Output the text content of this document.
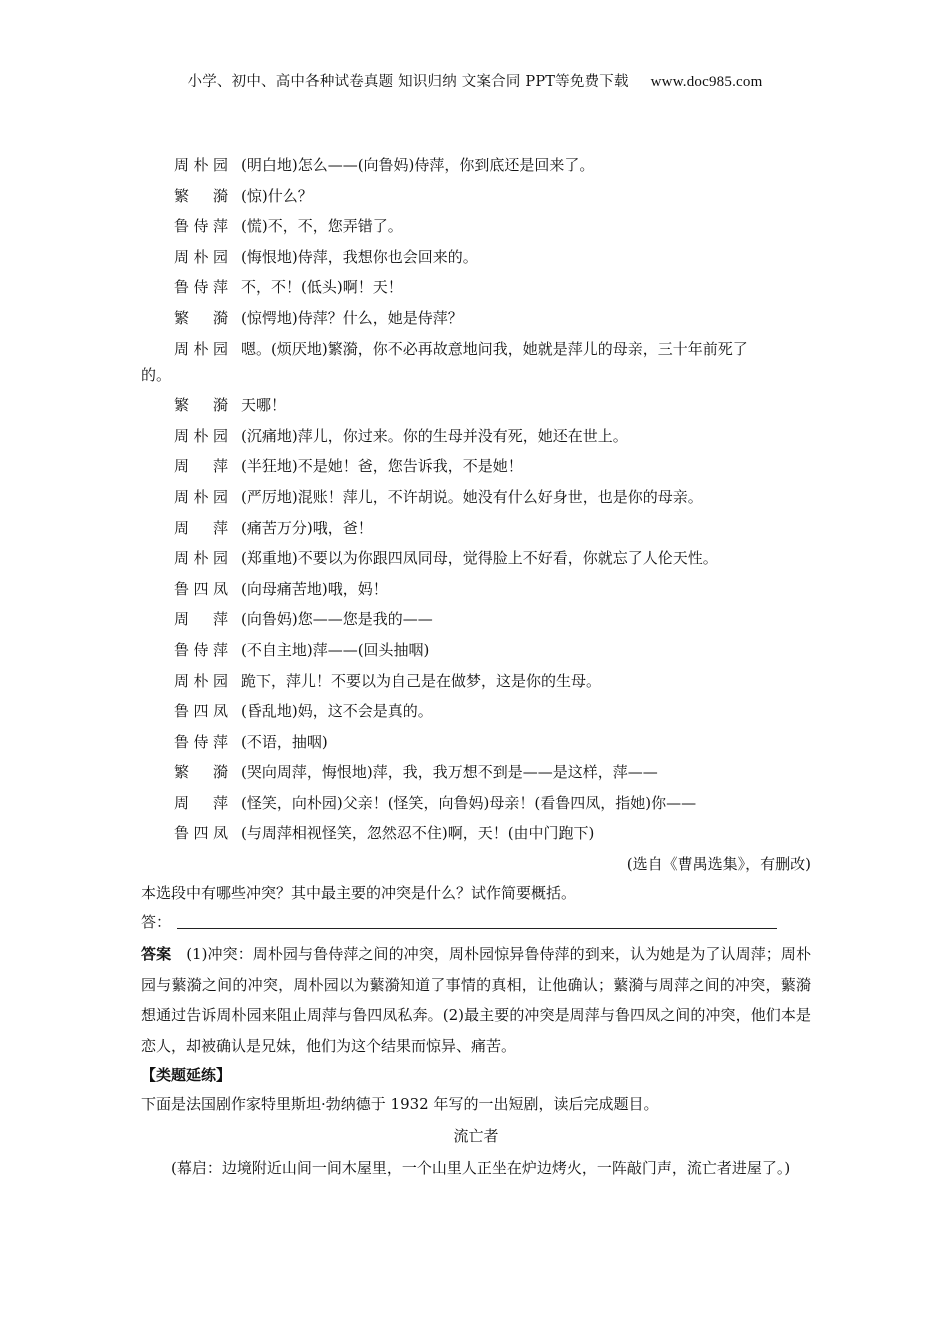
小学、初中、高中各种试卷真题 知识归纳 文案合同 PPT等免费下载 www.doc985.com
周朴园 (明白地)怎么——(向鲁妈)侍萍，你到底还是回来了。
繁 漪 (惊)什么？
鲁侍萍 (慌)不，不，您弄错了。
周朴园 (悔恨地)侍萍，我想你也会回来的。
鲁侍萍 不，不！(低头)啊！天！
繁 漪 (惊愕地)侍萍？什么，她是侍萍？
周朴园 嗯。(烦厌地)繁漪，你不必再故意地问我，她就是萍儿的母亲，三十年前死了
的。
繁 漪 天哪！
周朴园 (沉痛地)萍儿，你过来。你的生母并没有死，她还在世上。
周 萍 (半狂地)不是她！爸，您告诉我，不是她！
周朴园 (严厉地)混账！萍儿，不许胡说。她没有什么好身世，也是你的母亲。
周 萍 (痛苦万分)哦，爸！
周朴园 (郑重地)不要以为你跟四凤同母，觉得脸上不好看，你就忘了人伦天性。
鲁四凤 (向母痛苦地)哦，妈！
周 萍 (向鲁妈)您——您是我的——
鲁侍萍 (不自主地)萍——(回头抽咽)
周朴园 跪下，萍儿！不要以为自己是在做梦，这是你的生母。
鲁四凤 (昏乱地)妈，这不会是真的。
鲁侍萍 (不语，抽咽)
繁 漪 (哭向周萍，悔恨地)萍，我，我万想不到是——是这样，萍——
周 萍 (怪笑，向朴园)父亲！(怪笑，向鲁妈)母亲！(看鲁四凤，指她)你——
鲁四凤 (与周萍相视怪笑，忽然忍不住)啊，天！(由中门跑下)
(选自《曹禺选集》，有删改)
本选段中有哪些冲突？其中最主要的冲突是什么？试作简要概括。
答：
答案  (1)冲突：周朴园与鲁侍萍之间的冲突，周朴园惊异鲁侍萍的到来，认为她是为了认周萍；周朴园与蘩漪之间的冲突，周朴园以为蘩漪知道了事情的真相，让他确认；蘩漪与周萍之间的冲突，蘩漪想通过告诉周朴园来阻止周萍与鲁四凤私奔。(2)最主要的冲突是周萍与鲁四凤之间的冲突，他们本是恋人，却被确认是兄妹，他们为这个结果而惊异、痛苦。
【类题延练】
下面是法国剧作家特里斯坦·勃纳德于 1932 年写的一出短剧，读后完成题目。
流亡者
(幕启：边境附近山间一间木屋里，一个山里人正坐在炉边烤火，一阵敲门声，流亡者进屋了。)
